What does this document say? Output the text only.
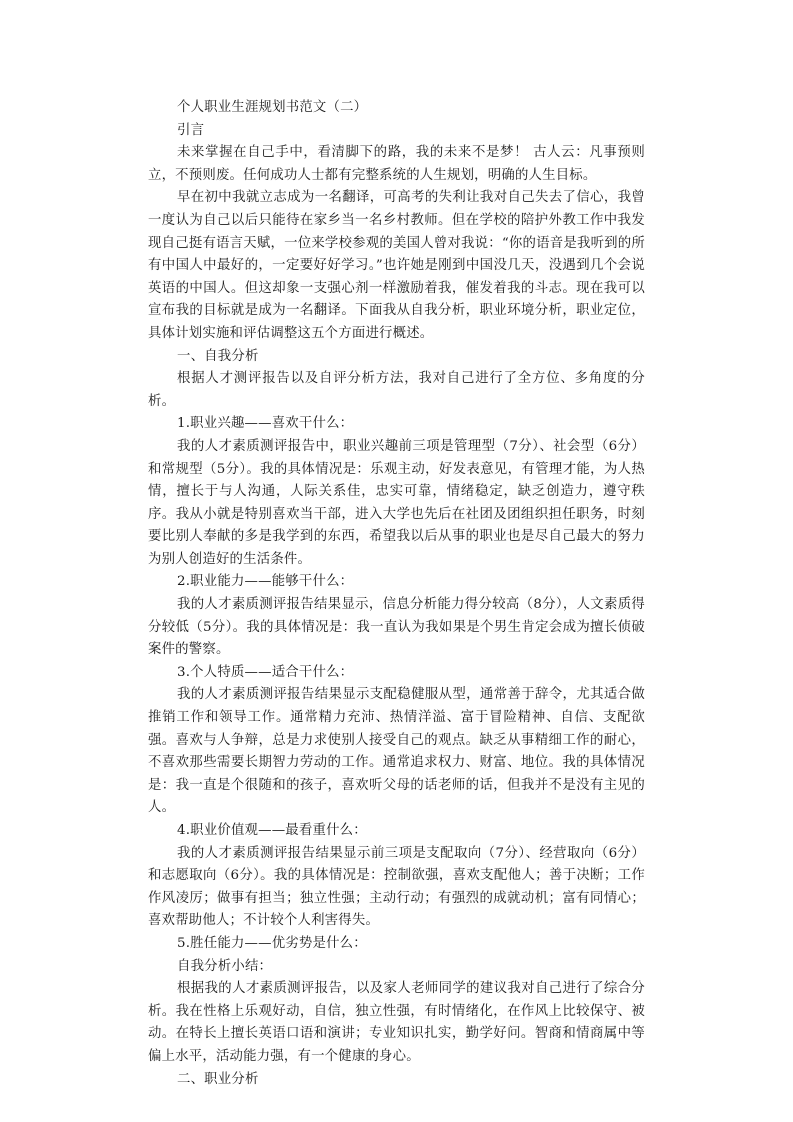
个人职业生涯规划书范文（二）

引言

未来掌握在自己手中，看清脚下的路，我的未来不是梦！ 古人云：凡事预则立，不预则废。任何成功人士都有完整系统的人生规划，明确的人生目标。

早在初中我就立志成为一名翻译，可高考的失利让我对自己失去了信心，我曾一度认为自己以后只能待在家乡当一名乡村教师。但在学校的陪护外教工作中我发现自己挺有语言天赋，一位来学校参观的美国人曾对我说：“你的语音是我听到的所有中国人中最好的，一定要好好学习。”也许她是刚到中国没几天，没遇到几个会说英语的中国人。但这却象一支强心剂一样激励着我，催发着我的斗志。现在我可以宣布我的目标就是成为一名翻译。下面我从自我分析，职业环境分析，职业定位，具体计划实施和评估调整这五个方面进行概述。

一、自我分析

根据人才测评报告以及自评分析方法，我对自己进行了全方位、多角度的分析。

1.职业兴趣——喜欢干什么：

我的人才素质测评报告中，职业兴趣前三项是管理型（7分）、社会型（6分）和常规型（5分）。我的具体情况是：乐观主动，好发表意见，有管理才能，为人热情，擅长于与人沟通，人际关系佳，忠实可靠，情绪稳定，缺乏创造力，遵守秩序。我从小就是特别喜欢当干部，进入大学也先后在社团及团组织担任职务，时刻要比别人奉献的多是我学到的东西，希望我以后从事的职业也是尽自己最大的努力为别人创造好的生活条件。

2.职业能力——能够干什么：

我的人才素质测评报告结果显示，信息分析能力得分较高（8分），人文素质得分较低（5分）。我的具体情况是：我一直认为我如果是个男生肯定会成为擅长侦破案件的警察。

3.个人特质——适合干什么：

我的人才素质测评报告结果显示支配稳健服从型，通常善于辞令，尤其适合做推销工作和领导工作。通常精力充沛、热情洋溢、富于冒险精神、自信、支配欲强。喜欢与人争辩，总是力求使别人接受自己的观点。缺乏从事精细工作的耐心，不喜欢那些需要长期智力劳动的工作。通常追求权力、财富、地位。我的具体情况是：我一直是个很随和的孩子，喜欢听父母的话老师的话，但我并不是没有主见的人。

4.职业价值观——最看重什么：

我的人才素质测评报告结果显示前三项是支配取向（7分）、经营取向（6分）和志愿取向（6分）。我的具体情况是：控制欲强，喜欢支配他人；善于决断；工作作风凌厉；做事有担当；独立性强；主动行动；有强烈的成就动机；富有同情心；喜欢帮助他人；不计较个人利害得失。

5.胜任能力——优劣势是什么：

自我分析小结：

根据我的人才素质测评报告，以及家人老师同学的建议我对自己进行了综合分析。我在性格上乐观好动，自信，独立性强，有时情绪化，在作风上比较保守、被动。在特长上擅长英语口语和演讲；专业知识扎实，勤学好问。智商和情商属中等偏上水平，活动能力强，有一个健康的身心。

二、职业分析
